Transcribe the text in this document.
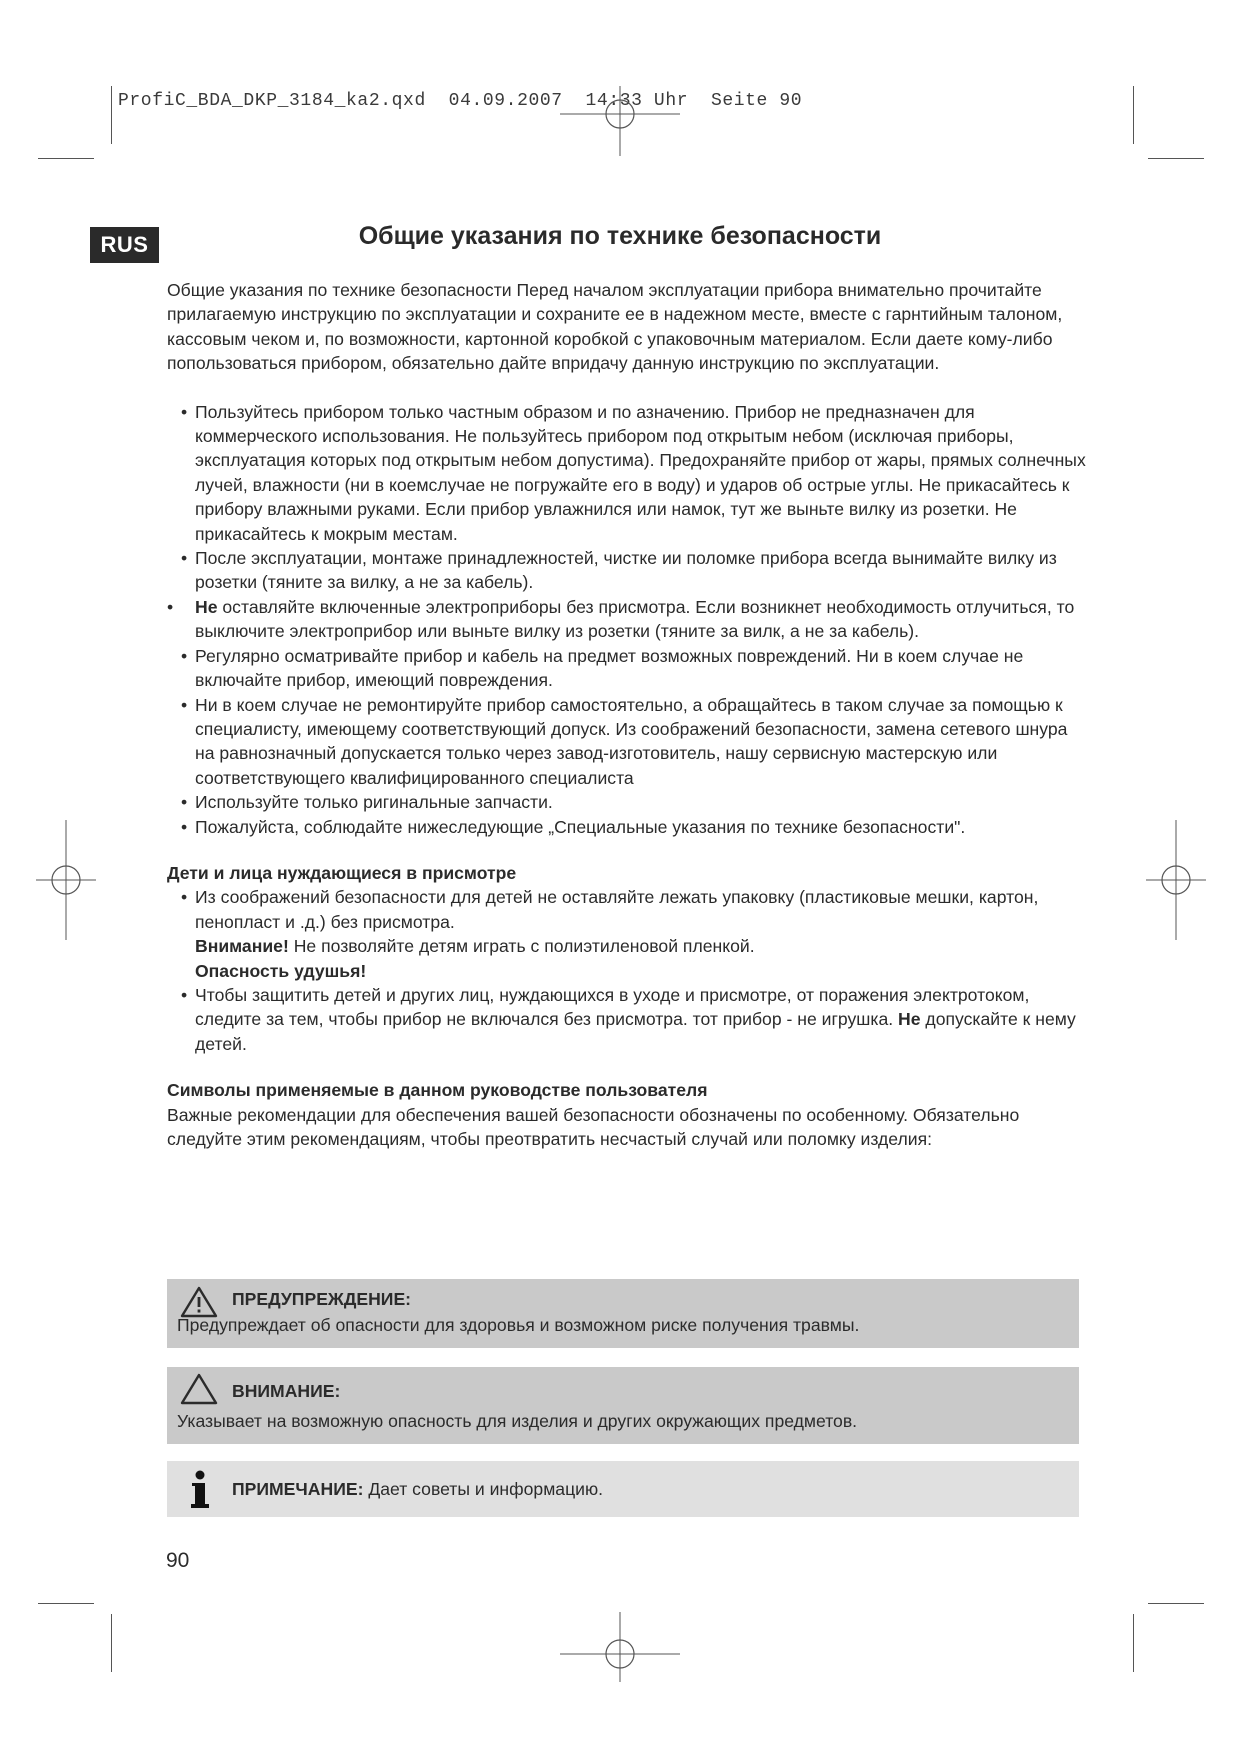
ProfiC_BDA_DKP_3184_ka2.qxd 04.09.2007 14:33 Uhr Seite 90
RUS	Общие указания по технике безопасности

Общие указания по технике безопасности Перед началом эксплуатации прибора внимательно прочитайте прилагаемую инструкцию по эксплуатации и сохраните ее в надежном месте, вместе с гарнтийным талоном, кассовым чеком и, по возможности, картонной коробкой с упаковочным материалом. Если даете кому-либо попользоваться прибором, обязательно дайте впридачу данную инструкцию по эксплуатации.

• Пользуйтесь прибором только частным образом и по азначению. Прибор не предназначен для коммерческого использования. Не пользуйтесь прибором под открытым небом (исключая приборы, эксплуатация которых под открытым небом допустима). Предохраняйте прибор от жары, прямых солнечных лучей, влажности (ни в коемслучае не погружайте его в воду) и ударов об острые углы. Не прикасайтесь к прибору влажными руками. Если прибор увлажнился или намок, тут же выньте вилку из розетки. Не прикасайтесь к мокрым местам.
• После эксплуатации, монтаже принадлежностей, чистке ии поломке прибора всегда вынимайте вилку из розетки (тяните за вилку, а не за кабель).
• Не оставляйте включенные электроприборы без присмотра. Если возникнет необходимость отлучиться, то выключите электроприбор или выньте вилку из розетки (тяните за вилк, а не за кабель).
• Регулярно осматривайте прибор и кабель на предмет возможных повреждений. Ни в коем случае не включайте прибор, имеющий повреждения.
• Ни в коем случае не ремонтируйте прибор самостоятельно, а обращайтесь в таком случае за помощью к специалисту, имеющему соответствующий допуск. Из соображений безопасности, замена сетевого шнура на равнозначный допускается только через завод-изготовитель, нашу сервисную мастерскую или соответствующего квалифицированного специалиста
• Используйте только ригинальные запчасти.
• Пожалуйста, соблюдайте нижеследующие „Специальные указания по технике безопасности".
Дети и лица нуждающиеся в присмотре
• Из соображений безопасности для детей не оставляйте лежать упаковку (пластиковые мешки, картон, пенопласт и .д.) без присмотра.

Внимание! Не позволяйте детям играть с полиэтиленовой пленкой.

Опасность удушья!

• Чтобы защитить детей и других лиц, нуждающихся в уходе и присмотре, от поражения электротоком, следите за тем, чтобы прибор не включался без присмотра. тот прибор - не игрушка. Не допускайте к нему детей.
Символы применяемые в данном руководстве пользователя

Важные рекомендации для обеспечения вашей безопасности обозначены по особенному. Обязательно следуйте этим рекомендациям, чтобы преотвратить несчастый случай или поломку изделия:

ПРЕДУПРЕЖДЕНИЕ:
Предупреждает об опасности для здоровья и возможном риске получения травмы.
ВНИМАНИЕ:
Указывает на возможную опасность для изделия и других окружающих предметов.
ПРИМЕЧАНИЕ: Дает советы и информацию.
90
